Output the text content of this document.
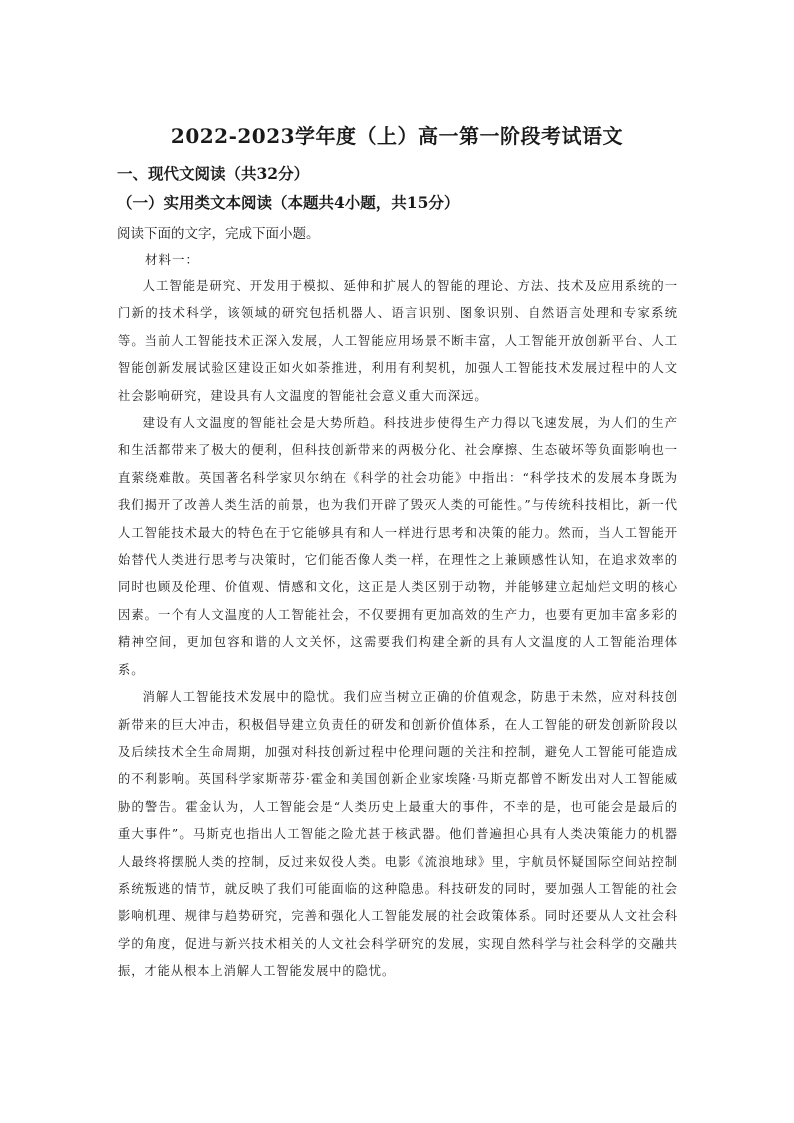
2022-2023学年度（上）高一第一阶段考试语文
一、现代文阅读（共32分）
（一）实用类文本阅读（本题共4小题，共15分）
阅读下面的文字，完成下面小题。
材料一：

人工智能是研究、开发用于模拟、延伸和扩展人的智能的理论、方法、技术及应用系统的一门新的技术科学，该领域的研究包括机器人、语言识别、图象识别、自然语言处理和专家系统等。当前人工智能技术正深入发展，人工智能应用场景不断丰富，人工智能开放创新平台、人工智能创新发展试验区建设正如火如荼推进，利用有利契机，加强人工智能技术发展过程中的人文社会影响研究，建设具有人文温度的智能社会意义重大而深远。

建设有人文温度的智能社会是大势所趋。科技进步使得生产力得以飞速发展，为人们的生产和生活都带来了极大的便利，但科技创新带来的两极分化、社会摩擦、生态破坏等负面影响也一直萦绕难散。英国著名科学家贝尔纳在《科学的社会功能》中指出：“科学技术的发展本身既为我们揭开了改善人类生活的前景，也为我们开辟了毁灭人类的可能性。”与传统科技相比，新一代人工智能技术最大的特色在于它能够具有和人一样进行思考和决策的能力。然而，当人工智能开始替代人类进行思考与决策时，它们能否像人类一样，在理性之上兼顾感性认知，在追求效率的同时也顾及伦理、价值观、情感和文化，这正是人类区别于动物，并能够建立起灿烂文明的核心因素。一个有人文温度的人工智能社会，不仅要拥有更加高效的生产力，也要有更加丰富多彩的精神空间，更加包容和谐的人文关怀，这需要我们构建全新的具有人文温度的人工智能治理体系。

消解人工智能技术发展中的隐忧。我们应当树立正确的价值观念，防患于未然，应对科技创新带来的巨大冲击，积极倡导建立负责任的研发和创新价值体系，在人工智能的研发创新阶段以及后续技术全生命周期，加强对科技创新过程中伦理问题的关注和控制，避免人工智能可能造成的不利影响。英国科学家斯蒂芬·霍金和美国创新企业家埃隆·马斯克都曾不断发出对人工智能威胁的警告。霍金认为，人工智能会是“人类历史上最重大的事件，不幸的是，也可能会是最后的重大事件”。马斯克也指出人工智能之险尤甚于核武器。他们普遍担心具有人类决策能力的机器人最终将摆脱人类的控制，反过来奴役人类。电影《流浪地球》里，宇航员怀疑国际空间站控制系统叛逃的情节，就反映了我们可能面临的这种隐患。科技研发的同时，要加强人工智能的社会影响机理、规律与趋势研究，完善和强化人工智能发展的社会政策体系。同时还要从人文社会科学的角度，促进与新兴技术相关的人文社会科学研究的发展，实现自然科学与社会科学的交融共振，才能从根本上消解人工智能发展中的隐忧。
